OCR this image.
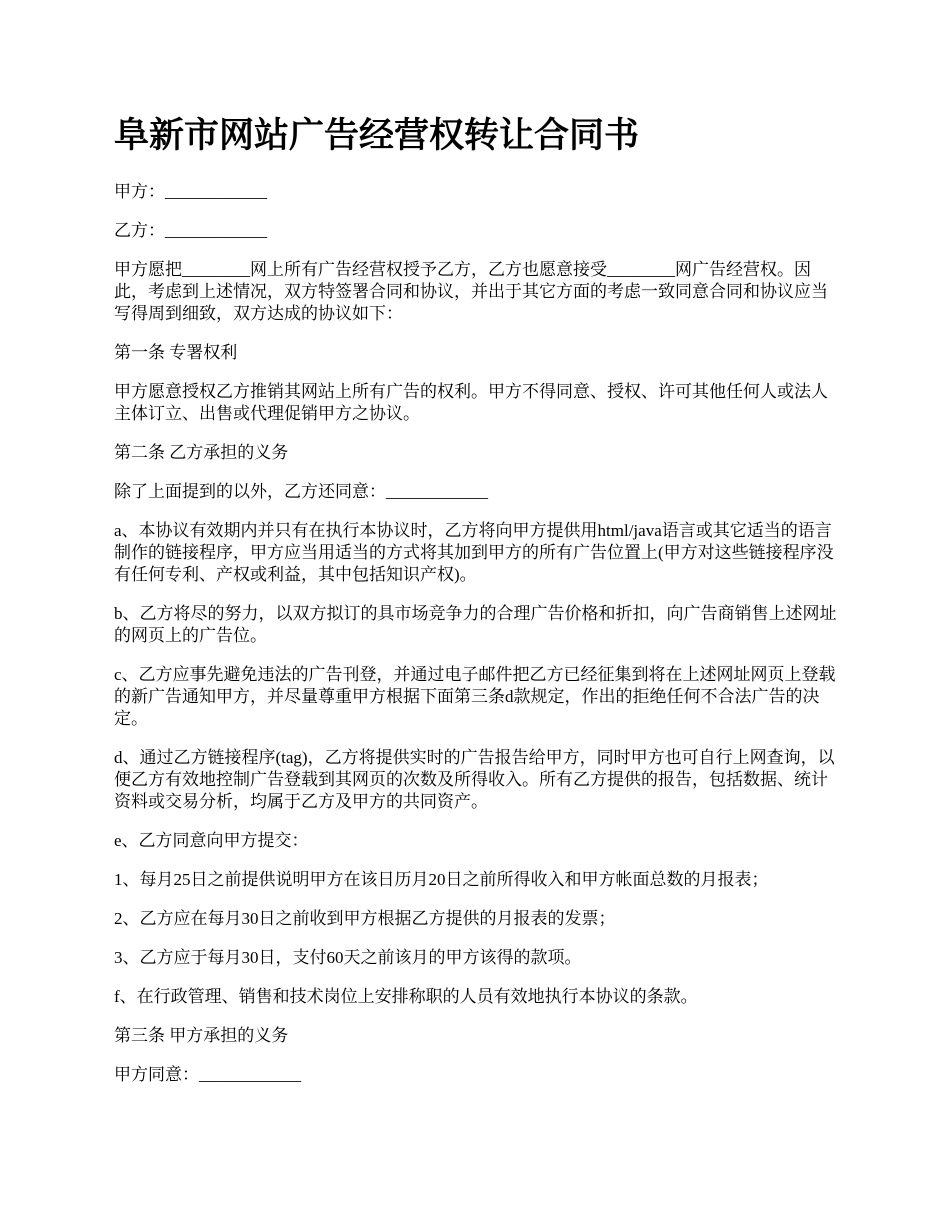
阜新市网站广告经营权转让合同书

甲方：____________

乙方：____________

甲方愿把________网上所有广告经营权授予乙方，乙方也愿意接受________网广告经营权。因此，考虑到上述情况，双方特签署合同和协议，并出于其它方面的考虑一致同意合同和协议应当写得周到细致，双方达成的协议如下：

第一条 专署权利

甲方愿意授权乙方推销其网站上所有广告的权利。甲方不得同意、授权、许可其他任何人或法人主体订立、出售或代理促销甲方之协议。

第二条 乙方承担的义务

除了上面提到的以外，乙方还同意：____________

a、本协议有效期内并只有在执行本协议时，乙方将向甲方提供用html/java语言或其它适当的语言制作的链接程序，甲方应当用适当的方式将其加到甲方的所有广告位置上(甲方对这些链接程序没有任何专利、产权或利益，其中包括知识产权)。

b、乙方将尽的努力，以双方拟订的具市场竞争力的合理广告价格和折扣，向广告商销售上述网址的网页上的广告位。

c、乙方应事先避免违法的广告刊登，并通过电子邮件把乙方已经征集到将在上述网址网页上登载的新广告通知甲方，并尽量尊重甲方根据下面第三条d款规定，作出的拒绝任何不合法广告的决定。

d、通过乙方链接程序(tag)，乙方将提供实时的广告报告给甲方，同时甲方也可自行上网查询，以便乙方有效地控制广告登载到其网页的次数及所得收入。所有乙方提供的报告，包括数据、统计资料或交易分析，均属于乙方及甲方的共同资产。

e、乙方同意向甲方提交：

1、每月25日之前提供说明甲方在该日历月20日之前所得收入和甲方帐面总数的月报表；

2、乙方应在每月30日之前收到甲方根据乙方提供的月报表的发票；

3、乙方应于每月30日，支付60天之前该月的甲方该得的款项。

f、在行政管理、销售和技术岗位上安排称职的人员有效地执行本协议的条款。

第三条 甲方承担的义务

甲方同意：____________
